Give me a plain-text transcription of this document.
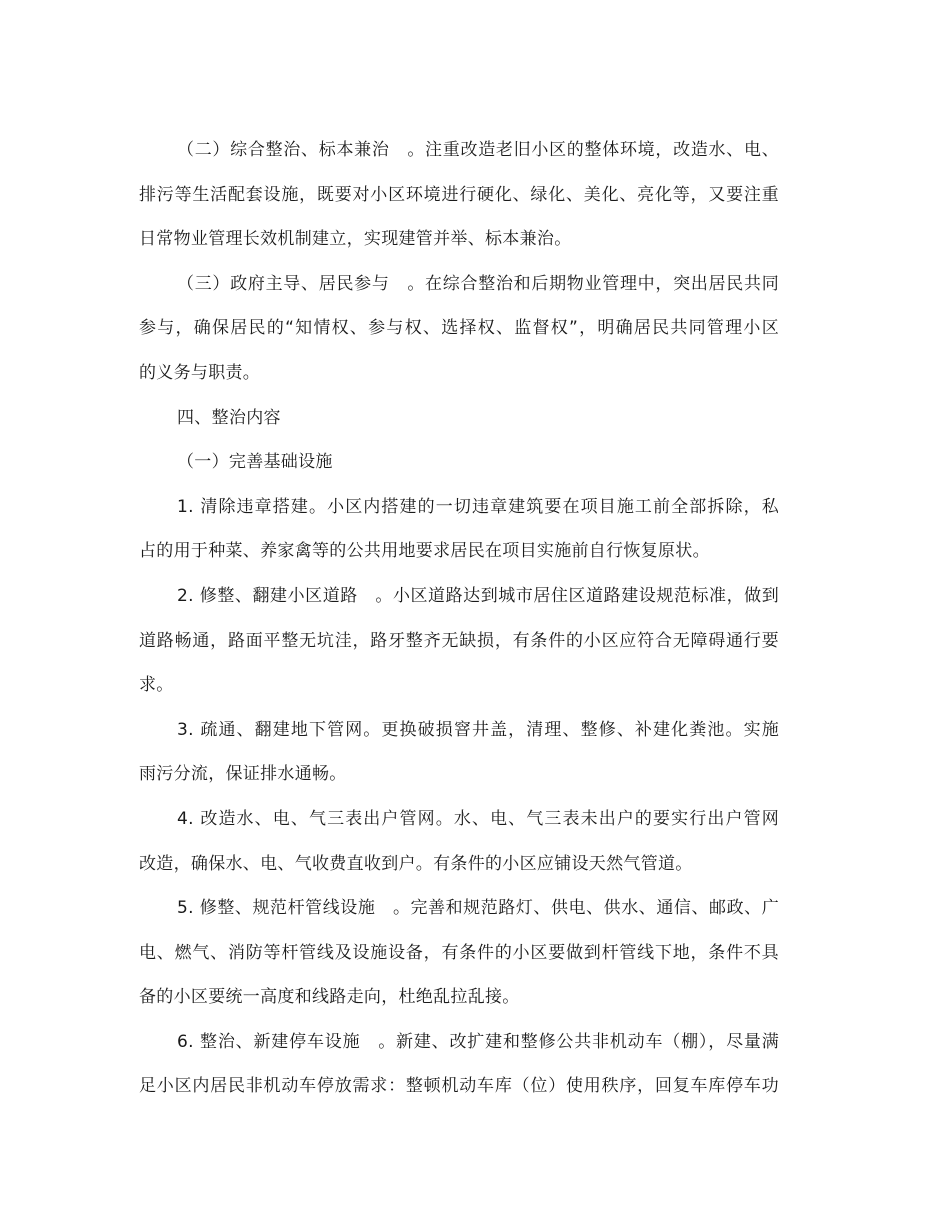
（二）综合整治、标本兼治　。注重改造老旧小区的整体环境，改造水、电、
排污等生活配套设施，既要对小区环境进行硬化、绿化、美化、亮化等，又要注重
日常物业管理长效机制建立，实现建管并举、标本兼治。
（三）政府主导、居民参与　。在综合整治和后期物业管理中，突出居民共同
参与，确保居民的“知情权、参与权、选择权、监督权”，明确居民共同管理小区
的义务与职责。
四、整治内容
（一）完善基础设施
1. 清除违章搭建。小区内搭建的一切违章建筑要在项目施工前全部拆除，私
占的用于种菜、养家禽等的公共用地要求居民在项目实施前自行恢复原状。
2. 修整、翻建小区道路　。小区道路达到城市居住区道路建设规范标准，做到
道路畅通，路面平整无坑洼，路牙整齐无缺损，有条件的小区应符合无障碍通行要
求。
3. 疏通、翻建地下管网。更换破损窨井盖，清理、整修、补建化粪池。实施
雨污分流，保证排水通畅。
4. 改造水、电、气三表出户管网。水、电、气三表未出户的要实行出户管网
改造，确保水、电、气收费直收到户。有条件的小区应铺设天然气管道。
5. 修整、规范杆管线设施　。完善和规范路灯、供电、供水、通信、邮政、广
电、燃气、消防等杆管线及设施设备，有条件的小区要做到杆管线下地，条件不具
备的小区要统一高度和线路走向，杜绝乱拉乱接。
6. 整治、新建停车设施　。新建、改扩建和整修公共非机动车（棚），尽量满
足小区内居民非机动车停放需求：整顿机动车库（位）使用秩序，回复车库停车功
